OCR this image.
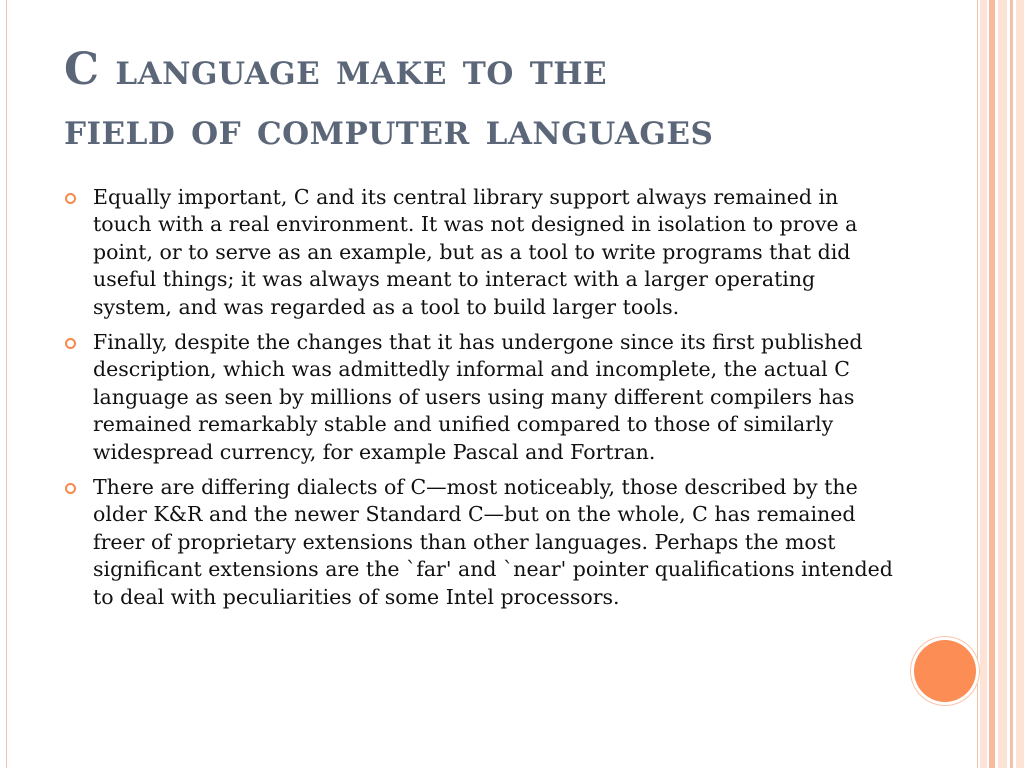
C language make to the
field of computer languages
Equally important, C and its central library support always remained in touch with a real environment. It was not designed in isolation to prove a point, or to serve as an example, but as a tool to write programs that did useful things; it was always meant to interact with a larger operating system, and was regarded as a tool to build larger tools.
Finally, despite the changes that it has undergone since its first published description, which was admittedly informal and incomplete, the actual C language as seen by millions of users using many different compilers has remained remarkably stable and unified compared to those of similarly widespread currency, for example Pascal and Fortran.
There are differing dialects of C—most noticeably, those described by the older K&R and the newer Standard C—but on the whole, C has remained freer of proprietary extensions than other languages. Perhaps the most significant extensions are the `far' and `near' pointer qualifications intended to deal with peculiarities of some Intel processors.
